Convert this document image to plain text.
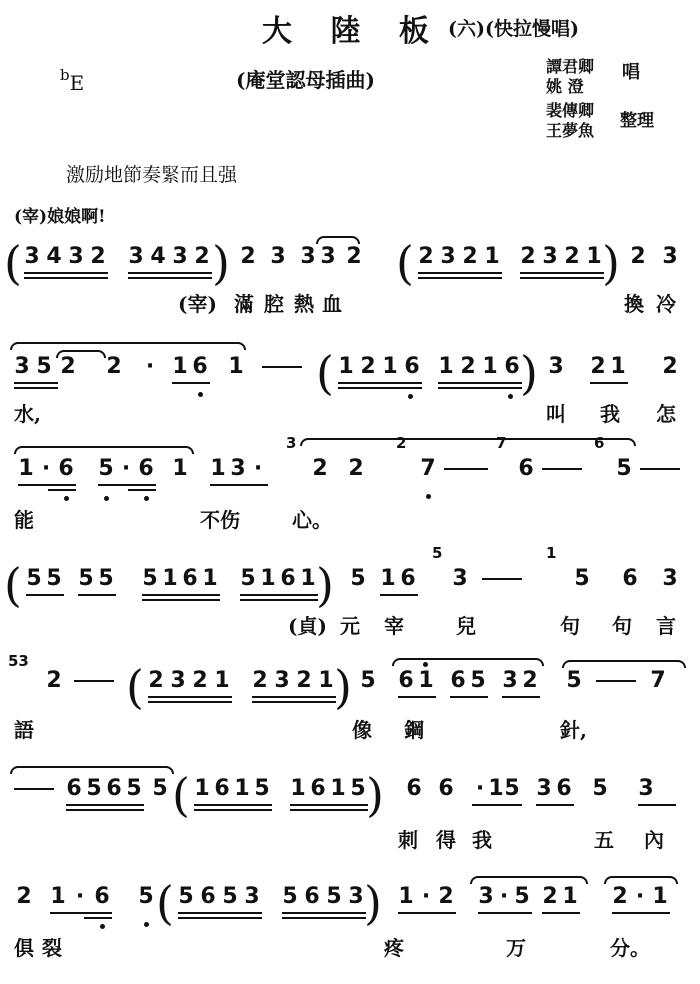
大 陸 板 (六)(快拉慢唱)
(庵堂認母插曲)
$^b$E
譚君卿
姚 澄
唱
裴傳卿
王夢魚 整理
激励地節奏緊而且强
(宰)娘娘啊!
( 3 4 3 2 3 4 3 2 ) 2 3 3 3 2 ( 2 3 2 1 2 3 2 1 ) 2 3
(宰) 滿 腔 熱 血	換 冷
3 5 2 2 · 1 6 1 ( 1 2 1 6 1 2 1 6 ) 3 2 1 2
水,	叫 我 怎
1 · 6 5 · 6 1 1 3 ·
3
2 2
2
7
7
6
6
5
能	不伤	心。
( 5 5 5 5 5 1 6 1 5 1 6 1 ) 5 1 6
5
3
1
5 6 3
(貞) 元 宰	兒	句 句 言
53
2 ( 2 3 2 1 2 3 2 1 ) 5 6 1 6 5 3 2 5	7
語	像 鋼	針,
6 5 6 5 5 ( 1 6 1 5 1 6 1 5 ) 6 6 · 1 5 3 6 5 3
刺 得 我	五 內
2 1 · 6 5 ( 5 6 5 3 5 6 5 3 ) 1 · 2 3 · 5 2 1 2 · 1
俱 裂	疼	万	分。
